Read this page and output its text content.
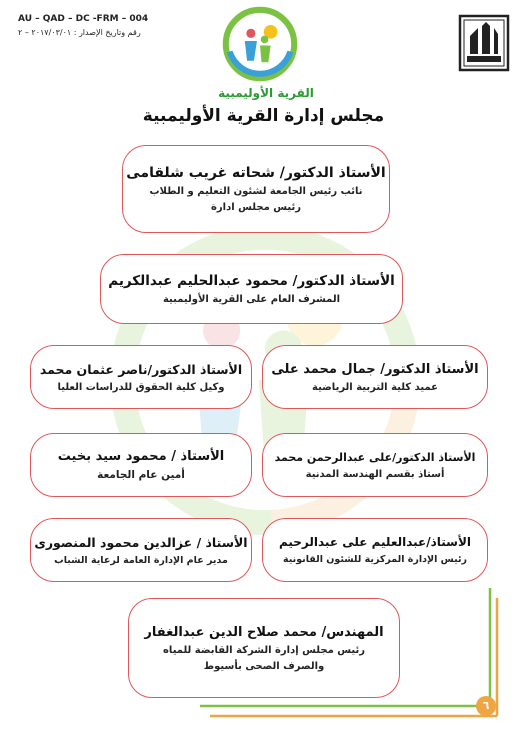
AU – QAD – DC -FRM – 004
رقم وتاريخ الإصدار : ٢٠١٧/٠٣/٠١ – ٢
القرية الأوليمبية
مجلس إدارة القرية الأوليمبية
الأستاذ الدكتور/ شحاته غريب شلقامى
نائب رئيس الجامعة لشئون التعليم و الطلاب
رئيس مجلس ادارة
الأستاذ الدكتور/ محمود عبدالحليم عبدالكريم
المشرف العام على القرية الأوليمبية
الأستاذ الدكتور/ جمال محمد على
عميد كلية التربية الرياضية
الأستاذ الدكتور/ناصر عثمان محمد
وكيل كلية الحقوق للدراسات العليا
الأستاذ الدكتور/على عبدالرحمن محمد
أستاذ بقسم الهندسة المدنية
الأستاذ / محمود سيد بخيت
أمين عام الجامعة
الأستاذ/عبدالعليم على عبدالرحيم
رئيس الإدارة المركزية للشئون القانونية
الأستاذ / عزالدين محمود المنصورى
مدير عام الإدارة العامة لرعاية الشباب
المهندس/ محمد صلاح الدين عبدالغفار
رئيس مجلس إدارة الشركة القابضة للمياه
والصرف الصحى بأسيوط
٦
